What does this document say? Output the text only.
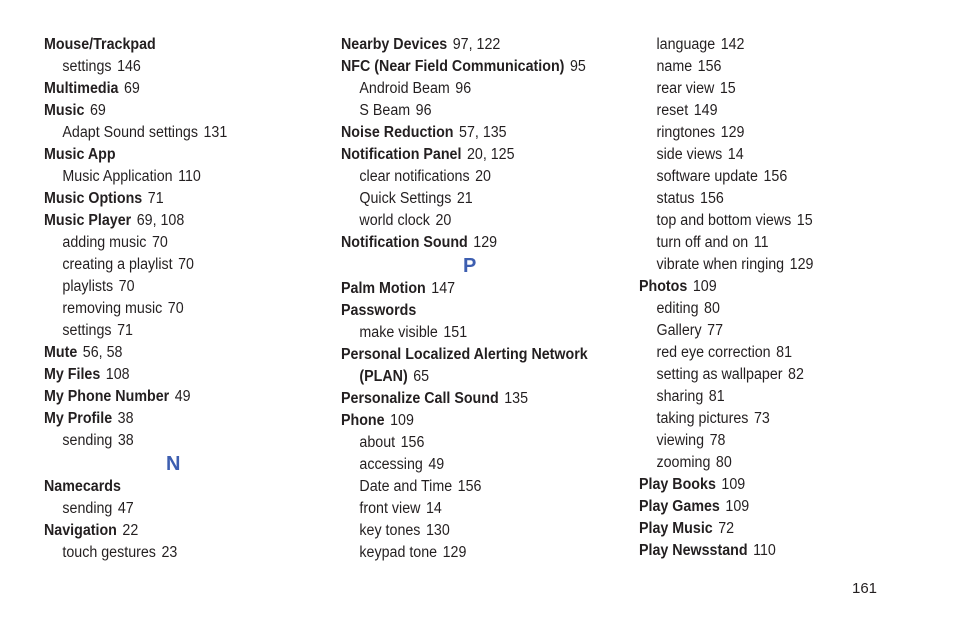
Mouse/Trackpad
settings 146
Multimedia 69
Music 69
Adapt Sound settings 131
Music App
Music Application 110
Music Options 71
Music Player 69, 108
adding music 70
creating a playlist 70
playlists 70
removing music 70
settings 71
Mute 56, 58
My Files 108
My Phone Number 49
My Profile 38
sending 38
N
Namecards
sending 47
Navigation 22
touch gestures 23
Nearby Devices 97, 122
NFC (Near Field Communication) 95
Android Beam 96
S Beam 96
Noise Reduction 57, 135
Notification Panel 20, 125
clear notifications 20
Quick Settings 21
world clock 20
Notification Sound 129
P
Palm Motion 147
Passwords
make visible 151
Personal Localized Alerting Network
(PLAN) 65
Personalize Call Sound 135
Phone 109
about 156
accessing 49
Date and Time 156
front view 14
key tones 130
keypad tone 129
language 142
name 156
rear view 15
reset 149
ringtones 129
side views 14
software update 156
status 156
top and bottom views 15
turn off and on 11
vibrate when ringing 129
Photos 109
editing 80
Gallery 77
red eye correction 81
setting as wallpaper 82
sharing 81
taking pictures 73
viewing 78
zooming 80
Play Books 109
Play Games 109
Play Music 72
Play Newsstand 110
161
